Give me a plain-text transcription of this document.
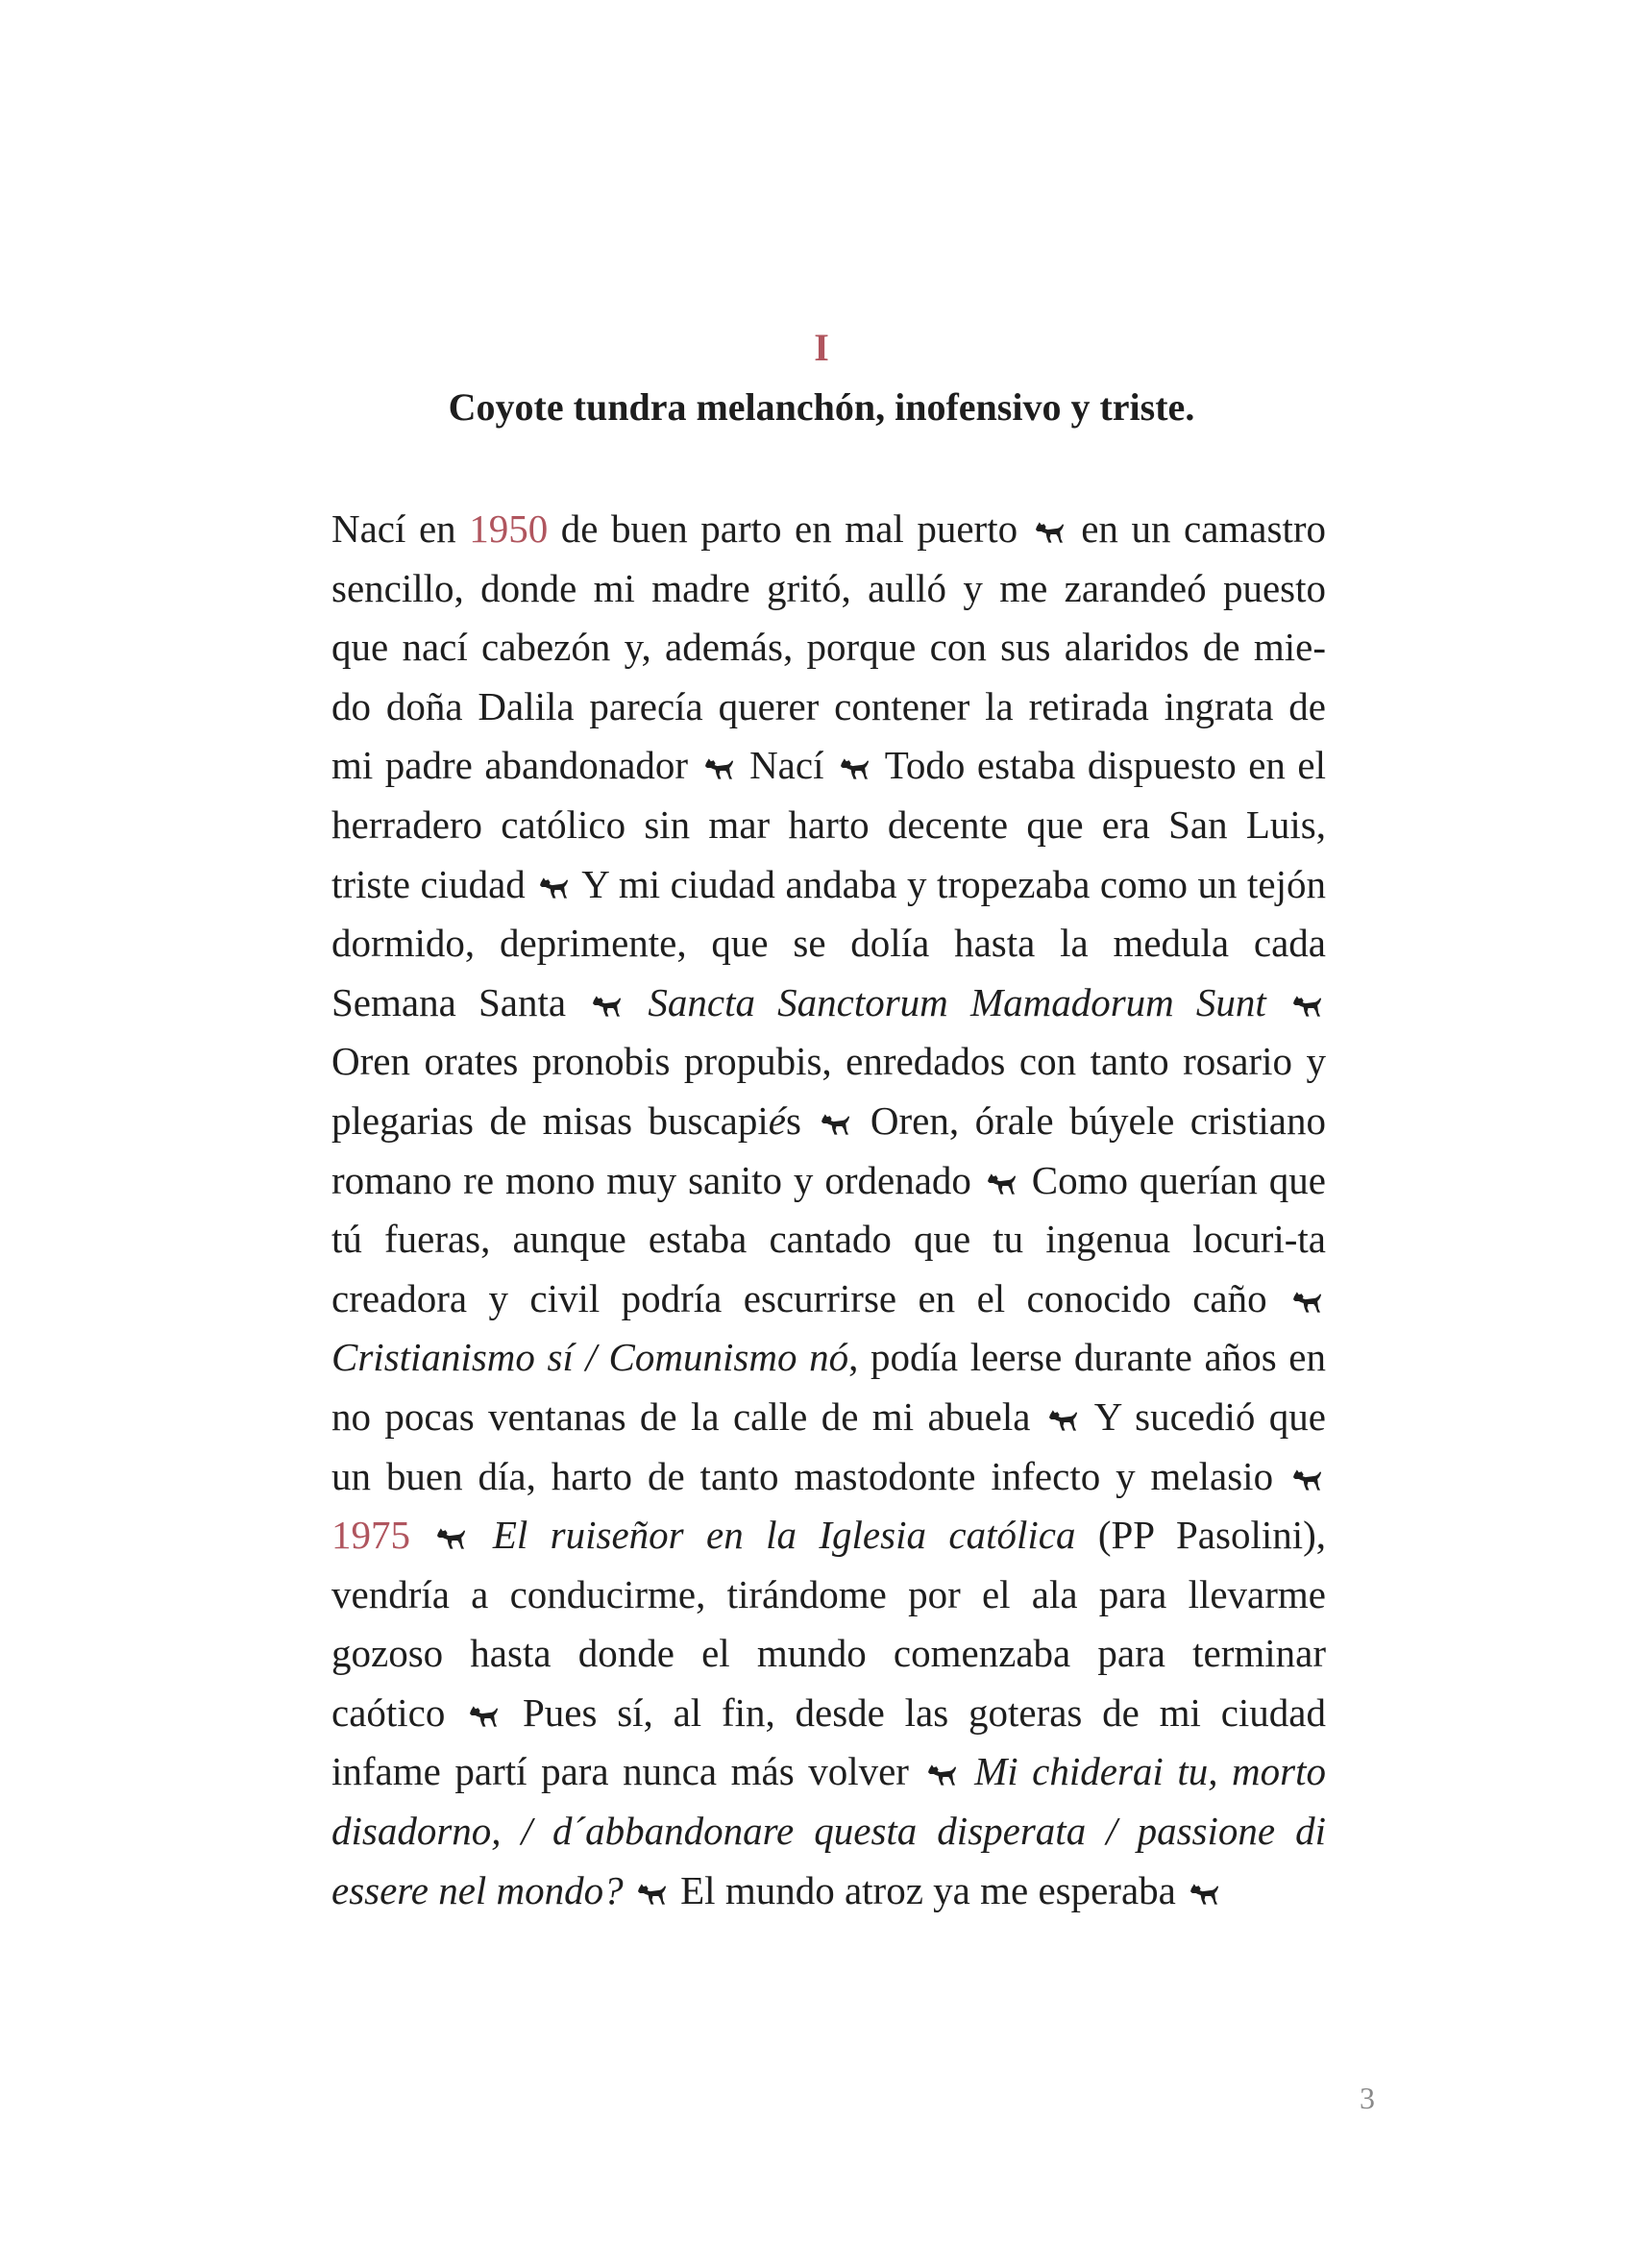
I
Coyote tundra melanchón, inofensivo y triste.
Nací en 1950 de buen parto en mal puerto
en un camastro sencillo, donde mi madre gritó, aulló y me zarandeó puesto que nací cabezón y, además, porque con sus alaridos de mie-do doña Dalila parecía querer contener la retirada ingrata de mi padre abandonador
Nací
Todo estaba dispuesto en el herradero católico sin mar harto decente que era San Luis, triste ciudad
Y mi ciudad andaba y tropezaba como un tejón dormido, deprimente, que se dolía hasta la medula cada Semana Santa
Sancta Sanctorum Mamadorum Sunt
Oren orates pronobis propubis, enredados con tanto rosario y plegarias de misas buscapiés
Oren, órale búyele cristiano romano re mono muy sanito y ordenado
Como querían que tú fueras, aunque estaba cantado que tu ingenua locuri-ta creadora y civil podría escurrirse en el conocido caño
Cristianismo sí / Comunismo nó, podía leerse durante años en no pocas ventanas de la calle de mi abuela
Y sucedió que un buen día, harto de tanto mastodonte infecto y melasio
1975 El ruiseñor en la Iglesia católica (PP Pasolini), vendría a conducirme, tirándome por el ala para llevarme gozoso hasta donde el mundo comenzaba para terminar caótico
Pues sí, al fin, desde las goteras de mi ciudad infame partí para nunca más volver
Mi chiderai tu, morto disadorno, / d´abbandonare questa disperata / passione di essere nel mondo?
El mundo atroz ya me esperaba
3
